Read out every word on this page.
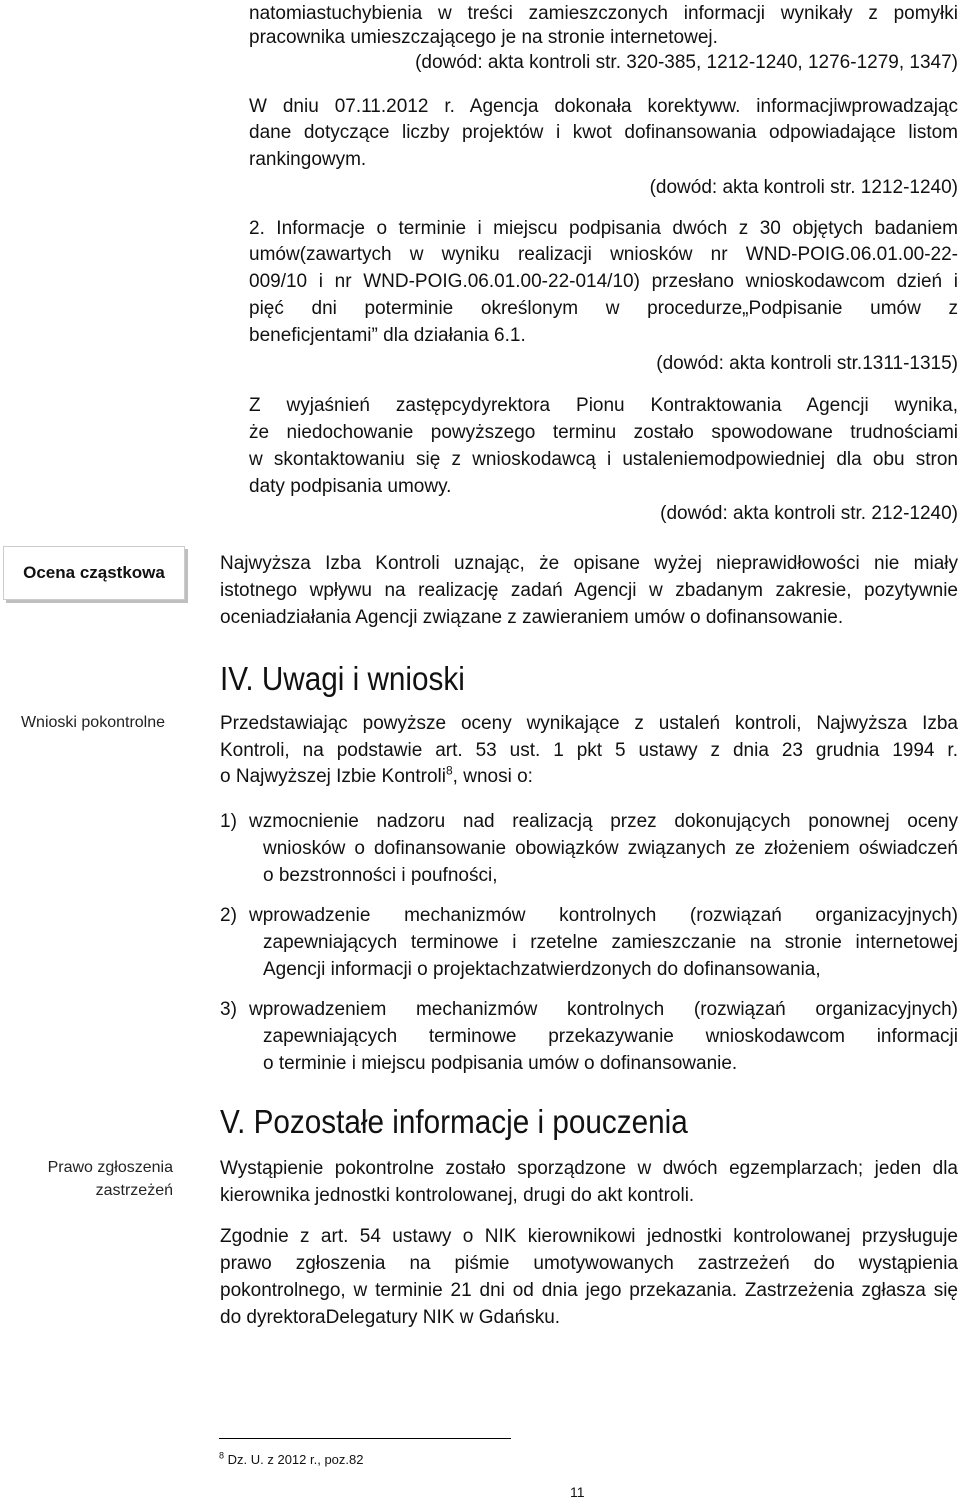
Ocena cząstkowa
Wnioski pokontrolne
Prawo zgłoszenia
zastrzeżeń
natomiastuchybienia w treści zamieszczonych informacji wynikały z pomyłki
pracownika umieszczającego je na stronie internetowej.
(dowód: akta kontroli str. 320-385, 1212-1240, 1276-1279, 1347)
W dniu 07.11.2012 r. Agencja dokonała korektyww. informacjiwprowadzając
dane dotyczące liczby projektów i kwot dofinansowania odpowiadające listom
rankingowym.
(dowód: akta kontroli str. 1212-1240)
2. Informacje o terminie i miejscu podpisania dwóch z 30 objętych badaniem
umów(zawartych w wyniku realizacji wniosków nr WND-POIG.06.01.00-22-
009/10 i nr WND-POIG.06.01.00-22-014/10) przesłano wnioskodawcom dzień i
pięć dni poterminie określonym w procedurze„Podpisanie umów z
beneficjentami” dla działania 6.1.
(dowód: akta kontroli str.1311-1315)
Z wyjaśnień zastępcydyrektora Pionu Kontraktowania Agencji wynika,
że niedochowanie powyższego terminu zostało spowodowane trudnościami
w skontaktowaniu się z wnioskodawcą i ustaleniemodpowiedniej dla obu stron
daty podpisania umowy.
(dowód: akta kontroli str. 212-1240)
Najwyższa Izba Kontroli uznając, że opisane wyżej nieprawidłowości nie miały
istotnego wpływu na realizację zadań Agencji w zbadanym zakresie, pozytywnie
oceniadziałania Agencji związane z zawieraniem umów o dofinansowanie.
IV. Uwagi i wnioski
Przedstawiając powyższe oceny wynikające z ustaleń kontroli, Najwyższa Izba
Kontroli, na podstawie art. 53 ust. 1 pkt 5 ustawy z dnia 23 grudnia 1994 r.
o Najwyższej Izbie Kontroli$^8$, wnosi o:
1) wzmocnienie nadzoru nad realizacją przez dokonujących ponownej oceny
wniosków o dofinansowanie obowiązków związanych ze złożeniem oświadczeń
o bezstronności i poufności,
2) wprowadzenie mechanizmów kontrolnych (rozwiązań organizacyjnych)
zapewniających terminowe i rzetelne zamieszczanie na stronie internetowej
Agencji informacji o projektachzatwierdzonych do dofinansowania,
3) wprowadzeniem mechanizmów kontrolnych (rozwiązań organizacyjnych)
zapewniających terminowe przekazywanie wnioskodawcom informacji
o terminie i miejscu podpisania umów o dofinansowanie.
V. Pozostałe informacje i pouczenia
Wystąpienie pokontrolne zostało sporządzone w dwóch egzemplarzach; jeden dla
kierownika jednostki kontrolowanej, drugi do akt kontroli.
Zgodnie z art. 54 ustawy o NIK kierownikowi jednostki kontrolowanej przysługuje
prawo zgłoszenia na piśmie umotywowanych zastrzeżeń do wystąpienia
pokontrolnego, w terminie 21 dni od dnia jego przekazania. Zastrzeżenia zgłasza się
do dyrektoraDelegatury NIK w Gdańsku.
$^8$ Dz. U. z 2012 r., poz.82
11
